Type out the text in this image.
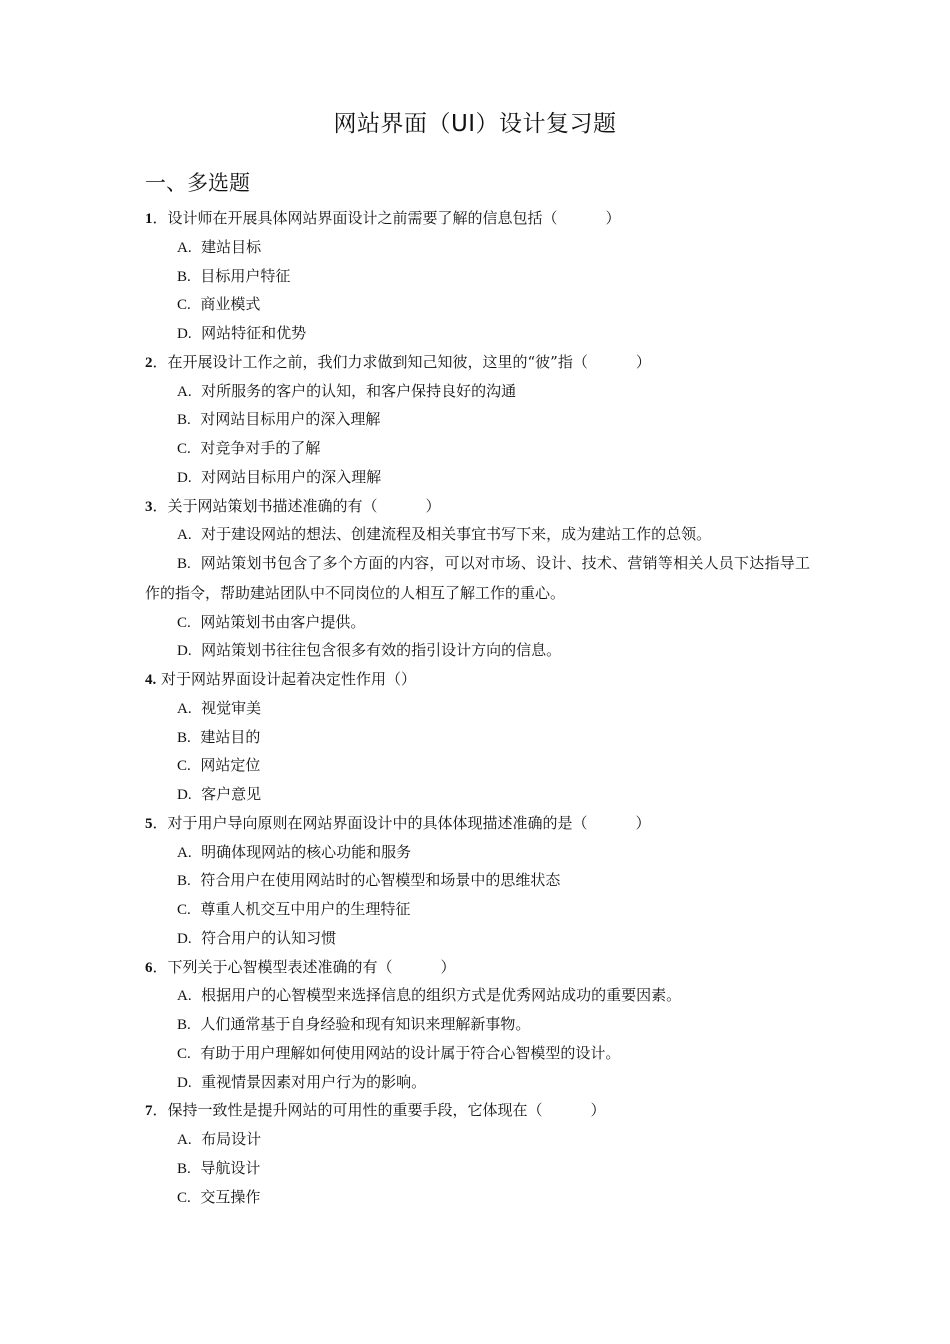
网站界面（UI）设计复习题
一、多选题
1．设计师在开展具体网站界面设计之前需要了解的信息包括（	）
A. 建站目标
B. 目标用户特征
C. 商业模式
D. 网站特征和优势
2．在开展设计工作之前，我们力求做到知己知彼，这里的“彼”指（	）
A. 对所服务的客户的认知，和客户保持良好的沟通
B. 对网站目标用户的深入理解
C. 对竞争对手的了解
D. 对网站目标用户的深入理解
3．关于网站策划书描述准确的有（	）
A. 对于建设网站的想法、创建流程及相关事宜书写下来，成为建站工作的总领。
B. 网站策划书包含了多个方面的内容，可以对市场、设计、技术、营销等相关人员下达指导工作的指令，帮助建站团队中不同岗位的人相互了解工作的重心。
C. 网站策划书由客户提供。
D. 网站策划书往往包含很多有效的指引设计方向的信息。
4. 对于网站界面设计起着决定性作用（）
A. 视觉审美
B. 建站目的
C. 网站定位
D. 客户意见
5．对于用户导向原则在网站界面设计中的具体体现描述准确的是（	）
A. 明确体现网站的核心功能和服务
B. 符合用户在使用网站时的心智模型和场景中的思维状态
C. 尊重人机交互中用户的生理特征
D. 符合用户的认知习惯
6．下列关于心智模型表述准确的有（	）
A. 根据用户的心智模型来选择信息的组织方式是优秀网站成功的重要因素。
B. 人们通常基于自身经验和现有知识来理解新事物。
C. 有助于用户理解如何使用网站的设计属于符合心智模型的设计。
D. 重视情景因素对用户行为的影响。
7．保持一致性是提升网站的可用性的重要手段，它体现在（	）
A. 布局设计
B. 导航设计
C. 交互操作
